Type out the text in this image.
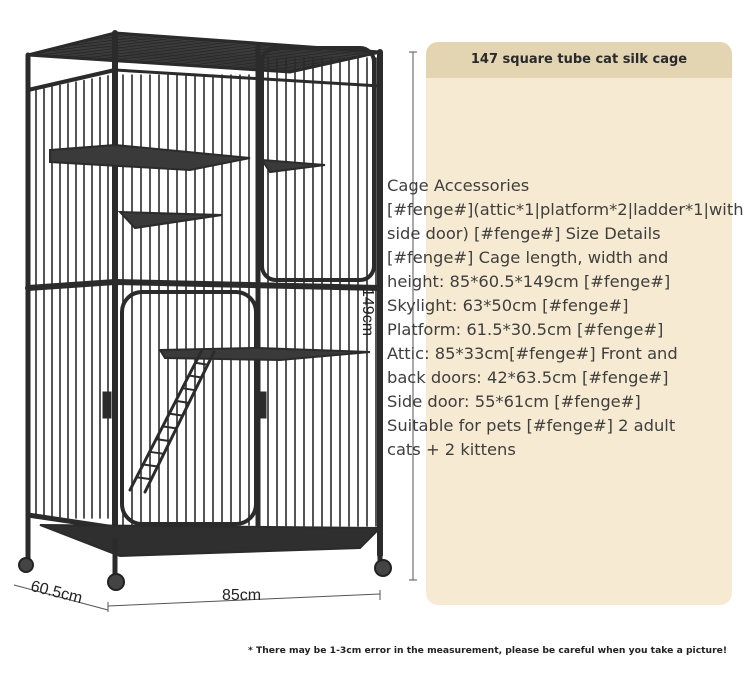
147 square tube cat silk cage
Cage Accessories
[#fenge#](attic*1|platform*2|ladder*1|with
side door) [#fenge#] Size Details
[#fenge#] Cage length, width and
height: 85*60.5*149cm [#fenge#]
Skylight: 63*50cm [#fenge#]
Platform: 61.5*30.5cm [#fenge#]
Attic: 85*33cm[#fenge#] Front and
back doors: 42*63.5cm [#fenge#]
Side door: 55*61cm [#fenge#]
Suitable for pets [#fenge#] 2 adult
cats + 2 kittens
85cm
60.5cm
149cm
* There may be 1-3cm error in the measurement, please be careful when you take a picture!
